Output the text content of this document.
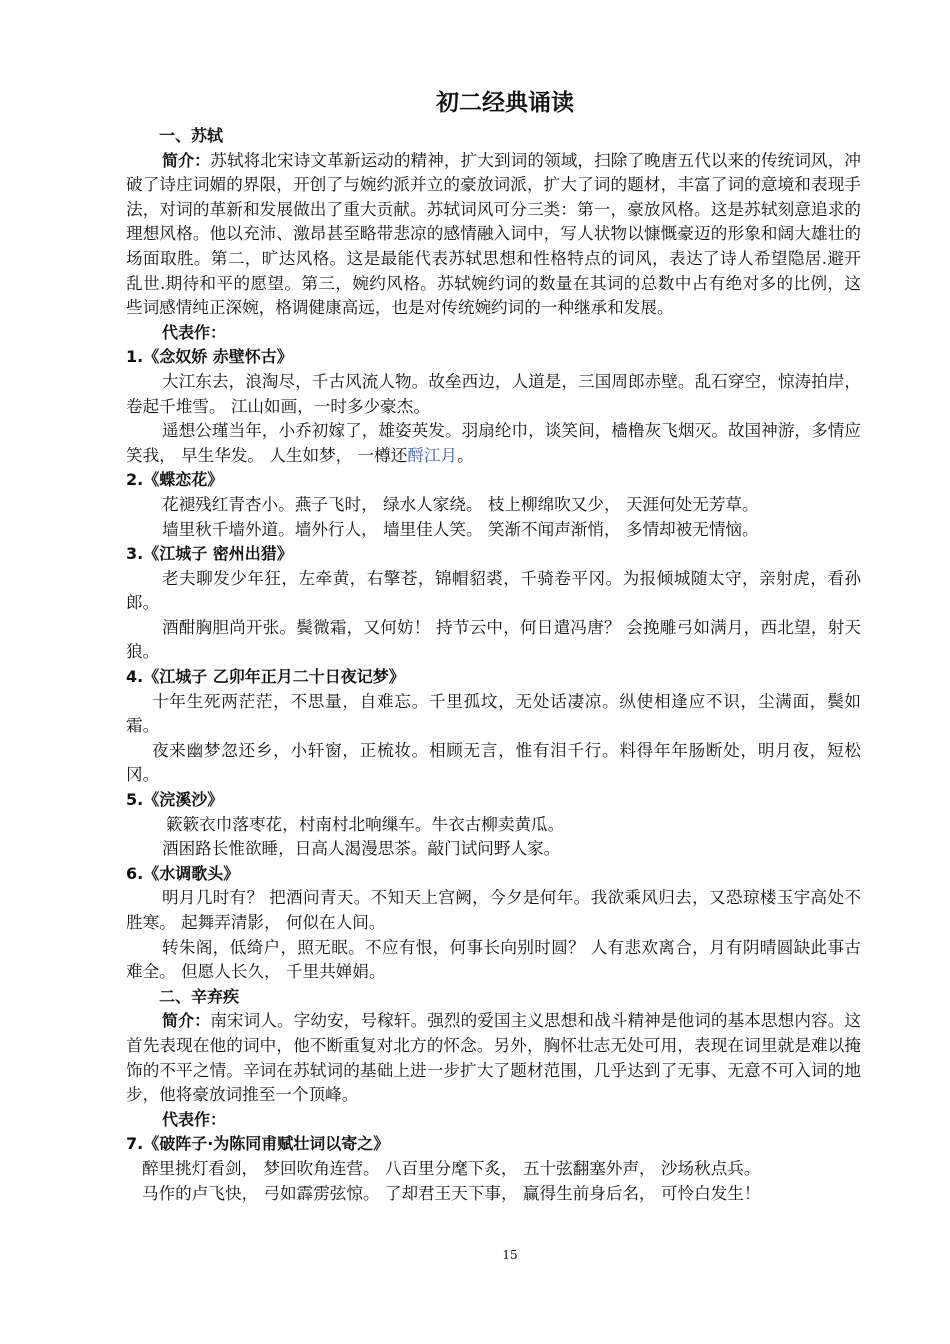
初二经典诵读

一、苏轼

简介：苏轼将北宋诗文革新运动的精神，扩大到词的领域，扫除了晚唐五代以来的传统词风，冲破了诗庄词媚的界限，开创了与婉约派并立的豪放词派，扩大了词的题材，丰富了词的意境和表现手法，对词的革新和发展做出了重大贡献。苏轼词风可分三类：第一，豪放风格。这是苏轼刻意追求的理想风格。他以充沛、激昂甚至略带悲凉的感情融入词中，写人状物以慷慨豪迈的形象和阔大雄壮的场面取胜。第二，旷达风格。这是最能代表苏轼思想和性格特点的词风，表达了诗人希望隐居.避开乱世.期待和平的愿望。第三，婉约风格。苏轼婉约词的数量在其词的总数中占有绝对多的比例，这些词感情纯正深婉，格调健康高远，也是对传统婉约词的一种继承和发展。

代表作：

1.《念奴娇 赤壁怀古》

大江东去，浪淘尽，千古风流人物。故垒西边，人道是，三国周郎赤壁。乱石穿空，惊涛拍岸，卷起千堆雪。 江山如画，一时多少豪杰。

遥想公瑾当年，小乔初嫁了，雄姿英发。羽扇纶巾，谈笑间，樯橹灰飞烟灭。故国神游，多情应笑我， 早生华发。 人生如梦， 一樽还酹江月。

2.《蝶恋花》

花褪残红青杏小。燕子飞时， 绿水人家绕。 枝上柳绵吹又少， 天涯何处无芳草。

墙里秋千墙外道。墙外行人， 墙里佳人笑。 笑渐不闻声渐悄， 多情却被无情恼。

3.《江城子 密州出猎》

老夫聊发少年狂，左牵黄，右擎苍，锦帽貂裘，千骑卷平冈。为报倾城随太守，亲射虎，看孙郎。

酒酣胸胆尚开张。鬓微霜，又何妨！ 持节云中，何日遣冯唐？ 会挽雕弓如满月，西北望，射天狼。

4.《江城子 乙卯年正月二十日夜记梦》

十年生死两茫茫，不思量，自难忘。千里孤坟，无处话凄凉。纵使相逢应不识，尘满面，鬓如霜。

夜来幽梦忽还乡，小轩窗，正梳妆。相顾无言，惟有泪千行。料得年年肠断处，明月夜，短松冈。

5.《浣溪沙》

簌簌衣巾落枣花，村南村北响缫车。牛衣古柳卖黄瓜。

酒困路长惟欲睡，日高人渴漫思茶。敲门试问野人家。

6.《水调歌头》

明月几时有？ 把酒问青天。不知天上宫阙，今夕是何年。我欲乘风归去，又恐琼楼玉宇高处不胜寒。 起舞弄清影， 何似在人间。

转朱阁，低绮户，照无眠。不应有恨，何事长向别时圆？ 人有悲欢离合，月有阴晴圆缺此事古难全。 但愿人长久， 千里共婵娟。

二、辛弃疾

简介：南宋词人。字幼安，号稼轩。强烈的爱国主义思想和战斗精神是他词的基本思想内容。这首先表现在他的词中，他不断重复对北方的怀念。另外，胸怀壮志无处可用，表现在词里就是难以掩饰的不平之情。辛词在苏轼词的基础上进一步扩大了题材范围，几乎达到了无事、无意不可入词的地步，他将豪放词推至一个顶峰。

代表作：

7.《破阵子·为陈同甫赋壮词以寄之》

醉里挑灯看剑， 梦回吹角连营。 八百里分麾下炙， 五十弦翻塞外声， 沙场秋点兵。

马作的卢飞快， 弓如霹雳弦惊。 了却君王天下事， 赢得生前身后名， 可怜白发生！

15
